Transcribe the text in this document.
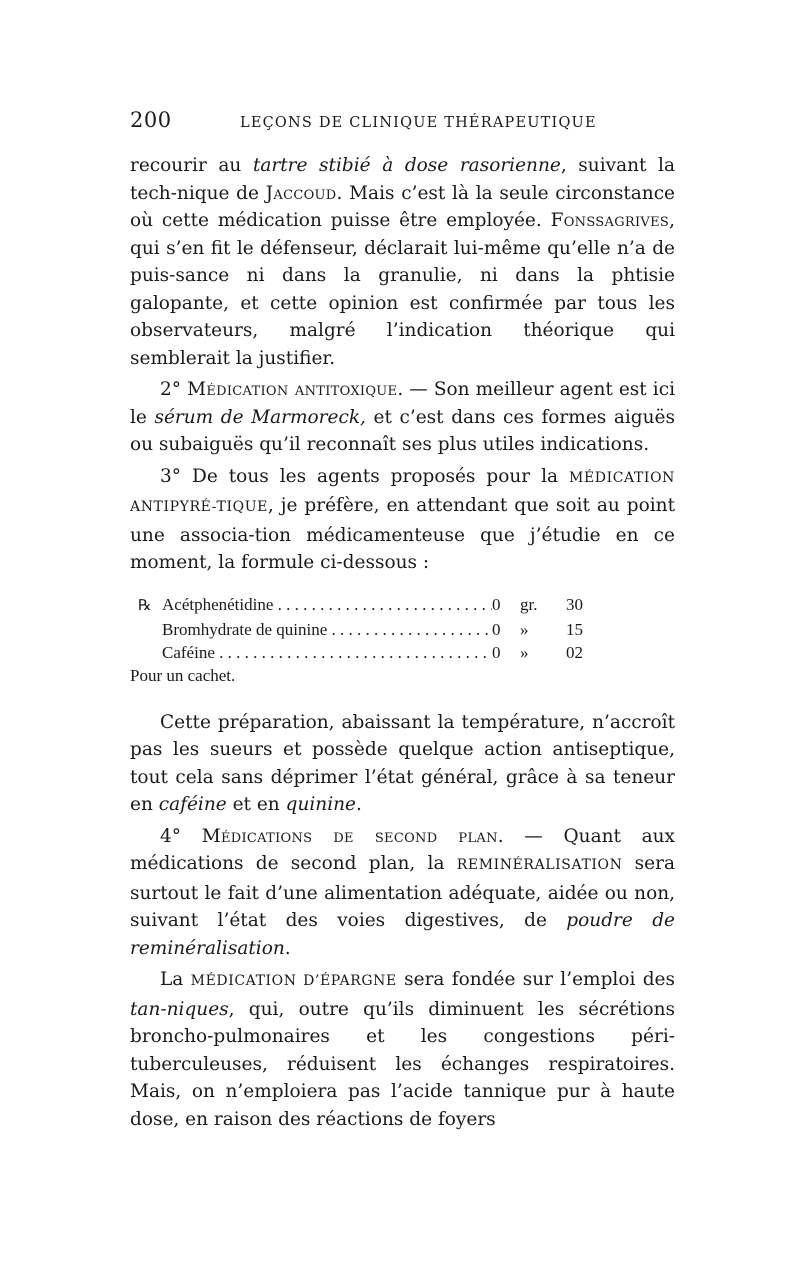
200	LEÇONS DE CLINIQUE THÉRAPEUTIQUE

recourir au tartre stibié à dose rasorienne, suivant la tech-nique de Jaccoud. Mais c’est là la seule circonstance où cette médication puisse être employée. Fonssagrives, qui s’en fit le défenseur, déclarait lui-même qu’elle n’a de puis-sance ni dans la granulie, ni dans la phtisie galopante, et cette opinion est confirmée par tous les observateurs, malgré l’indication théorique qui semblerait la justifier.

2° Médication antitoxique. — Son meilleur agent est ici le sérum de Marmoreck, et c’est dans ces formes aiguës ou subaiguës qu’il reconnaît ses plus utiles indications.

3° De tous les agents proposés pour la MÉDICATION ANTIPYRÉ-TIQUE, je préfère, en attendant que soit au point une associa-tion médicamenteuse que j’étudie en ce moment, la formule ci-dessous :

℞ Acétphenétidine . . .	0	gr.	30
Bromhydrate de quinine . . .	0	»	15
Caféine . . .	0	»	02
Pour un cachet.

Cette préparation, abaissant la température, n’accroît pas les sueurs et possède quelque action antiseptique, tout cela sans déprimer l’état général, grâce à sa teneur en caféine et en quinine.

4° Médications de second plan. — Quant aux médications de second plan, la REMINÉRALISATION sera surtout le fait d’une alimentation adéquate, aidée ou non, suivant l’état des voies digestives, de poudre de reminéralisation.

La MÉDICATION D’ÉPARGNE sera fondée sur l’emploi des tan-niques, qui, outre qu’ils diminuent les sécrétions broncho-pulmonaires et les congestions péri-tuberculeuses, réduisent les échanges respiratoires. Mais, on n’emploiera pas l’acide tannique pur à haute dose, en raison des réactions de foyers
